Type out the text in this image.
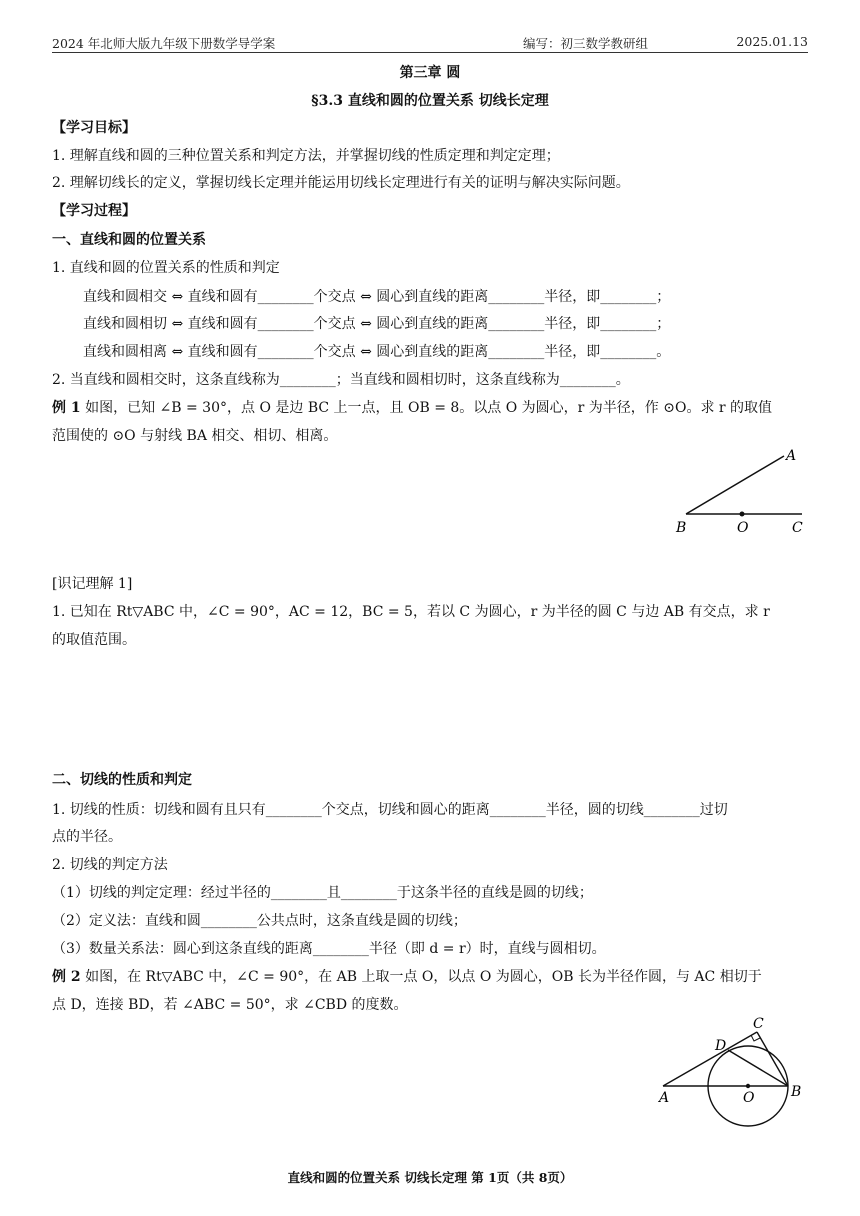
2024 年北师大版九年级下册数学导学案	编写：初三数学教研组	2025.01.13
第三章 圆
§3.3 直线和圆的位置关系 切线长定理
【学习目标】
1. 理解直线和圆的三种位置关系和判定方法，并掌握切线的性质定理和判定定理；
2. 理解切线长的定义，掌握切线长定理并能运用切线长定理进行有关的证明与解决实际问题。
【学习过程】
一、直线和圆的位置关系
1. 直线和圆的位置关系的性质和判定
直线和圆相交 ⇔ 直线和圆有________个交点 ⇔ 圆心到直线的距离________半径，即________；
直线和圆相切 ⇔ 直线和圆有________个交点 ⇔ 圆心到直线的距离________半径，即________；
直线和圆相离 ⇔ 直线和圆有________个交点 ⇔ 圆心到直线的距离________半径，即________。
2. 当直线和圆相交时，这条直线称为________；当直线和圆相切时，这条直线称为________。
例 1 如图，已知 ∠B = 30°，点 O 是边 BC 上一点，且 OB = 8。以点 O 为圆心，r 为半径，作 ⊙O。求 r 的取值
范围使的 ⊙O 与射线 BA 相交、相切、相离。
A
B	O	C
[识记理解 1]
1. 已知在 Rt▽ABC 中，∠C = 90°，AC = 12，BC = 5，若以 C 为圆心，r 为半径的圆 C 与边 AB 有交点，求 r
的取值范围。
二、切线的性质和判定
1. 切线的性质：切线和圆有且只有________个交点，切线和圆心的距离________半径，圆的切线________过切
点的半径。
2. 切线的判定方法
（1）切线的判定定理：经过半径的________且________于这条半径的直线是圆的切线；
（2）定义法：直线和圆________公共点时，这条直线是圆的切线；
（3）数量关系法：圆心到这条直线的距离________半径（即 d = r）时，直线与圆相切。
例 2 如图，在 Rt▽ABC 中，∠C = 90°，在 AB 上取一点 O，以点 O 为圆心，OB 长为半径作圆，与 AC 相切于
点 D，连接 BD，若 ∠ABC = 50°，求 ∠CBD 的度数。
C
D
A	O	B
直线和圆的位置关系 切线长定理 第 1页（共 8页）
